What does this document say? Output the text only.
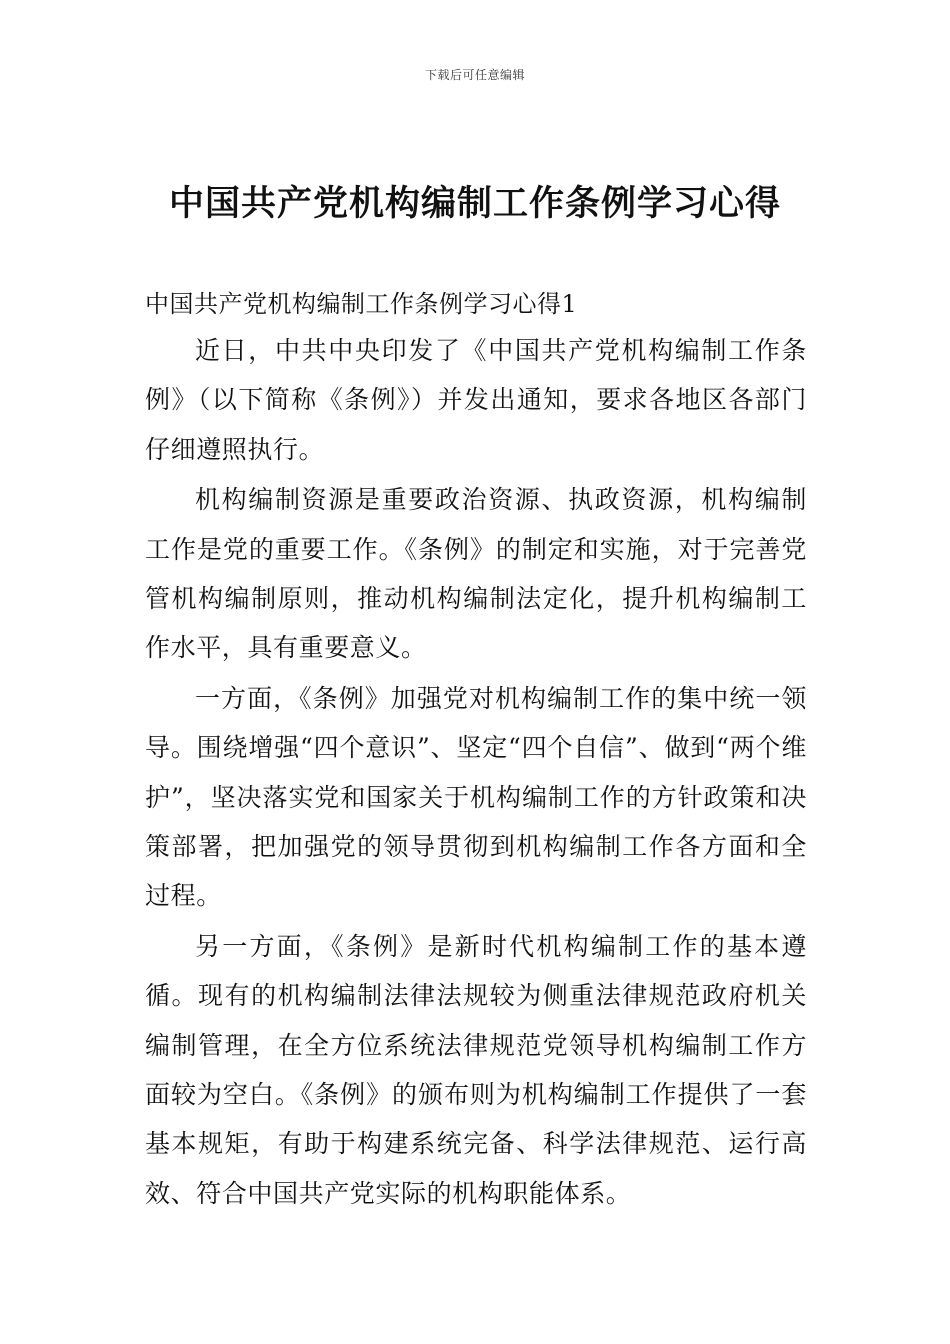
下载后可任意编辑
中国共产党机构编制工作条例学习心得
中国共产党机构编制工作条例学习心得1

近日，中共中央印发了《中国共产党机构编制工作条例》（以下简称《条例》）并发出通知，要求各地区各部门仔细遵照执行。

机构编制资源是重要政治资源、执政资源，机构编制工作是党的重要工作。《条例》的制定和实施，对于完善党管机构编制原则，推动机构编制法定化，提升机构编制工作水平，具有重要意义。

一方面，《条例》加强党对机构编制工作的集中统一领导。围绕增强“四个意识”、坚定“四个自信”、做到“两个维护”，坚决落实党和国家关于机构编制工作的方针政策和决策部署，把加强党的领导贯彻到机构编制工作各方面和全过程。

另一方面，《条例》是新时代机构编制工作的基本遵循。现有的机构编制法律法规较为侧重法律规范政府机关编制管理，在全方位系统法律规范党领导机构编制工作方面较为空白。《条例》的颁布则为机构编制工作提供了一套基本规矩，有助于构建系统完备、科学法律规范、运行高效、符合中国共产党实际的机构职能体系。
